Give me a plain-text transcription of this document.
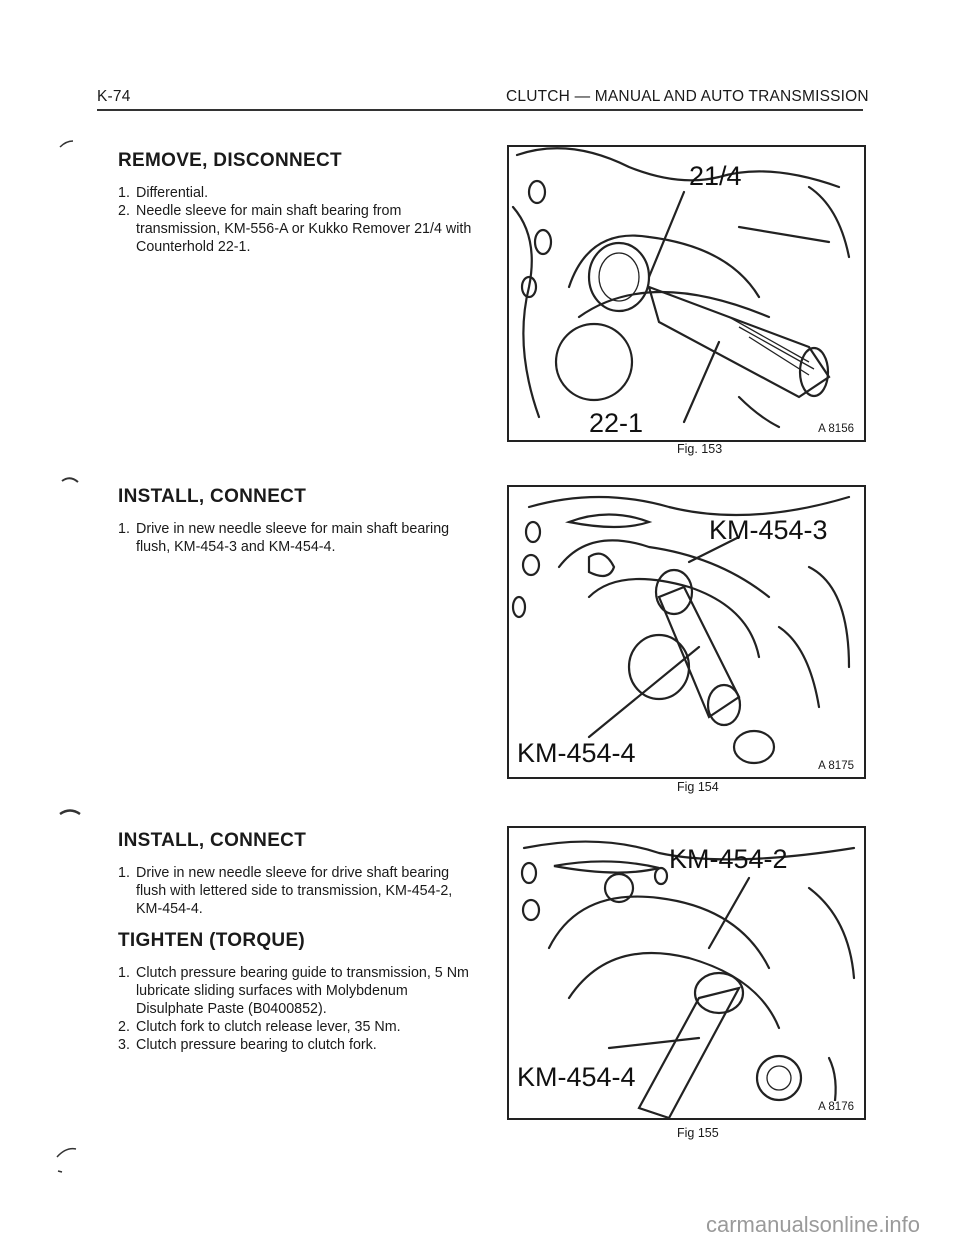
K-74	CLUTCH — MANUAL AND AUTO TRANSMISSION
REMOVE, DISCONNECT
1. Differential.
2. Needle sleeve for main shaft bearing from transmission, KM-556-A or Kukko Remover 21/4 with Counterhold 22-1.
INSTALL, CONNECT
1. Drive in new needle sleeve for main shaft bearing flush, KM-454-3 and KM-454-4.
INSTALL, CONNECT
1. Drive in new needle sleeve for drive shaft bearing flush with lettered side to transmission, KM-454-2, KM-454-4.
TIGHTEN (TORQUE)
1. Clutch pressure bearing guide to transmission, 5 Nm lubricate sliding surfaces with Molybdenum Disulphate Paste (B0400852).
2. Clutch fork to clutch release lever, 35 Nm.
3. Clutch pressure bearing to clutch fork.
21/4
22-1	A 8156
Fig. 153
KM-454-3
KM-454-4	A 8175
Fig 154
KM-454-2
KM-454-4
A 8176
Fig 155
carmanualsonline.info
